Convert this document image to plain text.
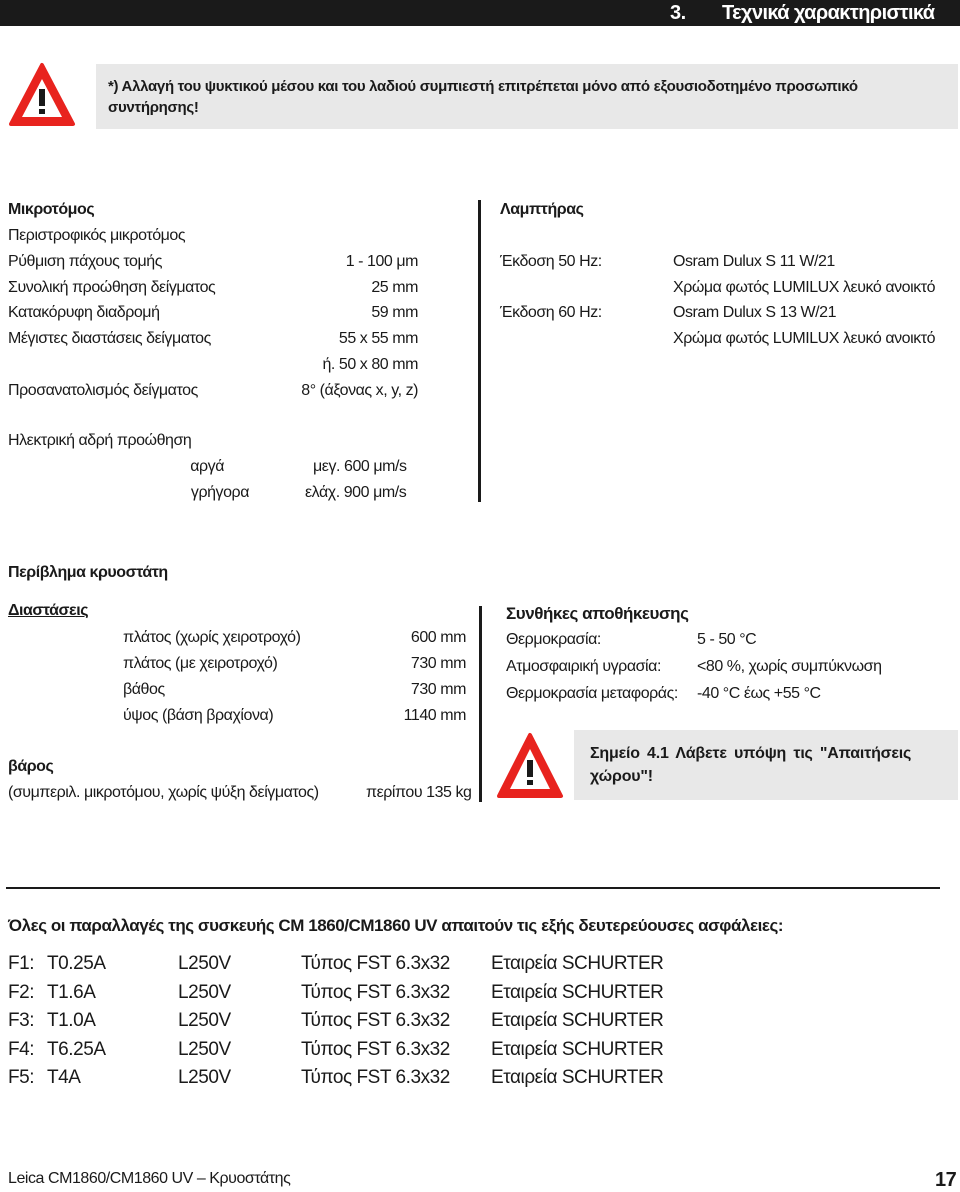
3. Τεχνικά χαρακτηριστικά
*) Αλλαγή του ψυκτικού μέσου και του λαδιού συμπιεστή επιτρέπεται μόνο από εξουσιοδοτημένο προσωπικό συντήρησης!
Μικροτόμος
Περιστροφικός μικροτόμος
Ρύθμιση πάχους τομής	1 - 100 μm
Συνολική προώθηση δείγματος	25 mm
Κατακόρυφη διαδρομή	59 mm
Μέγιστες διαστάσεις δείγματος	55 x 55 mm
ή. 50 x 80 mm
Προσανατολισμός δείγματος	8° (άξονας x, y, z)
Ηλεκτρική αδρή προώθηση
αργά	μεγ. 600 μm/s
γρήγορα	ελάχ. 900 μm/s
Λαμπτήρας
Έκδοση 50 Hz:	Osram Dulux S 11 W/21
Χρώμα φωτός LUMILUX λευκό ανοικτό
Έκδοση 60 Hz:	Osram Dulux S 13 W/21
Χρώμα φωτός LUMILUX λευκό ανοικτό
Περίβλημα κρυοστάτη
Διαστάσεις
πλάτος (χωρίς χειροτροχό)	600 mm
πλάτος (με χειροτροχό)	730 mm
βάθος	730 mm
ύψος (βάση βραχίονα)	1140 mm
βάρος
(συμπεριλ. μικροτόμου, χωρίς ψύξη δείγματος)	περίπου 135 kg
Συνθήκες αποθήκευσης
Θερμοκρασία:	5 - 50 °C
Ατμοσφαιρική υγρασία: <80 %, χωρίς συμπύκνωση
Θερμοκρασία μεταφοράς: -40 °C έως +55 °C
Σημείο 4.1 Λάβετε υπόψη τις "Απαιτήσεις χώρου"!
Όλες οι παραλλαγές της συσκευής CM 1860/CM1860 UV απαιτούν τις εξής δευτερεύουσες ασφάλειες:
F1: T0.25A	L250V	Τύπος FST 6.3x32 Εταιρεία SCHURTER
F2: T1.6A	L250V	Τύπος FST 6.3x32 Εταιρεία SCHURTER
F3: T1.0A	L250V	Τύπος FST 6.3x32 Εταιρεία SCHURTER
F4: T6.25A	L250V	Τύπος FST 6.3x32 Εταιρεία SCHURTER
F5: T4A	L250V	Τύπος FST 6.3x32 Εταιρεία SCHURTER
Leica CM1860/CM1860 UV – Κρυοστάτης	17
